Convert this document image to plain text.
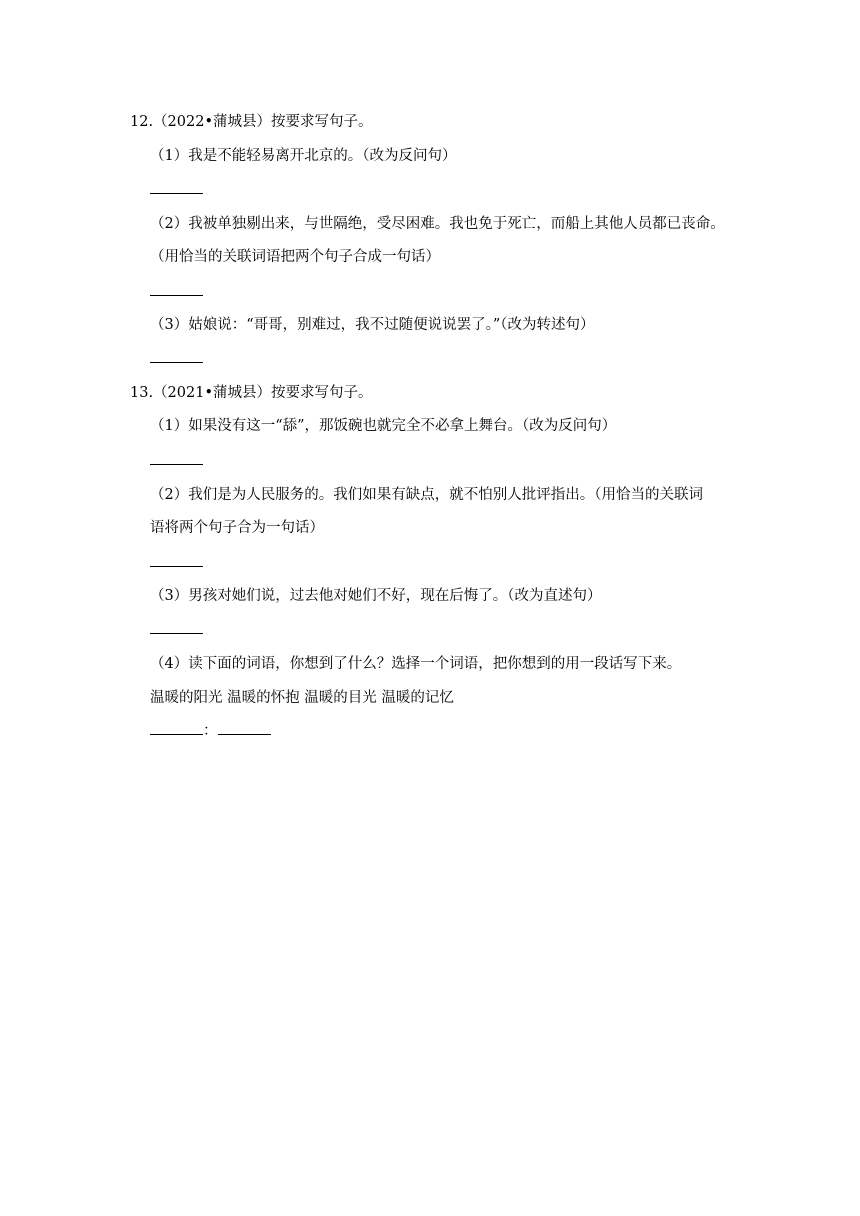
12.（2022•蒲城县）按要求写句子。
（1）我是不能轻易离开北京的。（改为反问句）
（2）我被单独剔出来，与世隔绝，受尽困难。我也免于死亡，而船上其他人员都已丧命。
（用恰当的关联词语把两个句子合成一句话）
（3）姑娘说：“哥哥，别难过，我不过随便说说罢了。”（改为转述句）
13.（2021•蒲城县）按要求写句子。
（1）如果没有这一“舔”，那饭碗也就完全不必拿上舞台。（改为反问句）
（2）我们是为人民服务的。我们如果有缺点，就不怕别人批评指出。（用恰当的关联词
语将两个句子合为一句话）
（3）男孩对她们说，过去他对她们不好，现在后悔了。（改为直述句）
（4）读下面的词语，你想到了什么？选择一个词语，把你想到的用一段话写下来。
温暖的阳光 温暖的怀抱 温暖的目光 温暖的记忆
：
